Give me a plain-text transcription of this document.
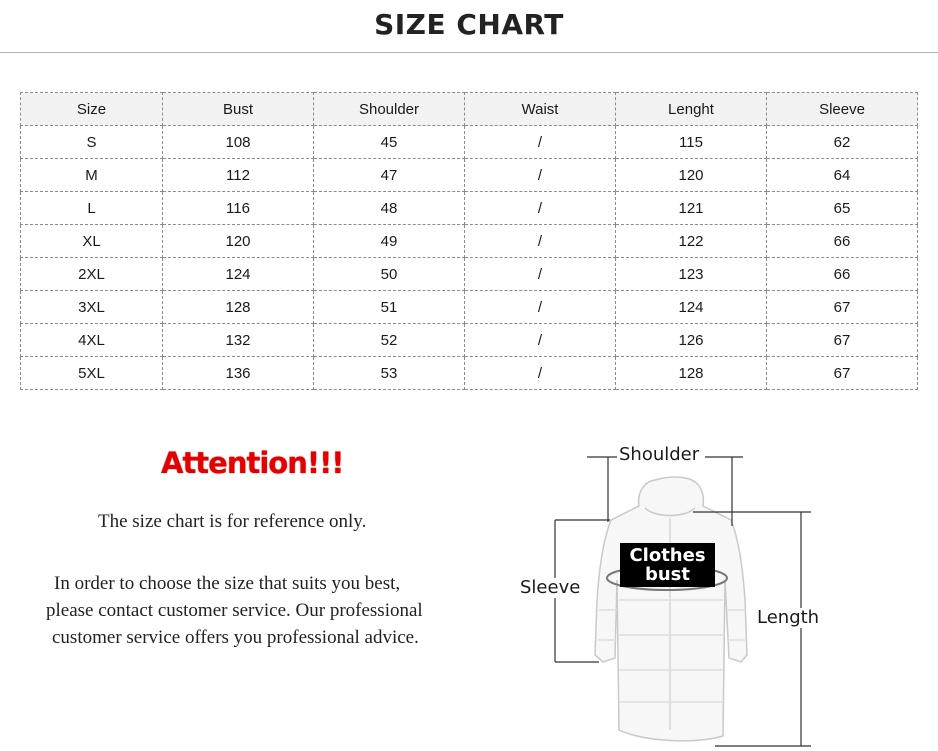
SIZE CHART
Size	Bust	Shoulder	Waist	Lenght	Sleeve
S	108	45	/	115	62
M	112	47	/	120	64
L	116	48	/	121	65
XL	120	49	/	122	66
2XL	124	50	/	123	66
3XL	128	51	/	124	67
4XL	132	52	/	126	67
5XL	136	53	/	128	67
Attention!!!
The size chart is for reference only.
In order to choose the size that suits you best,
please contact customer service. Our professional
customer service offers you professional advice.
Shoulder
Sleeve
Length
Clothes
bust
